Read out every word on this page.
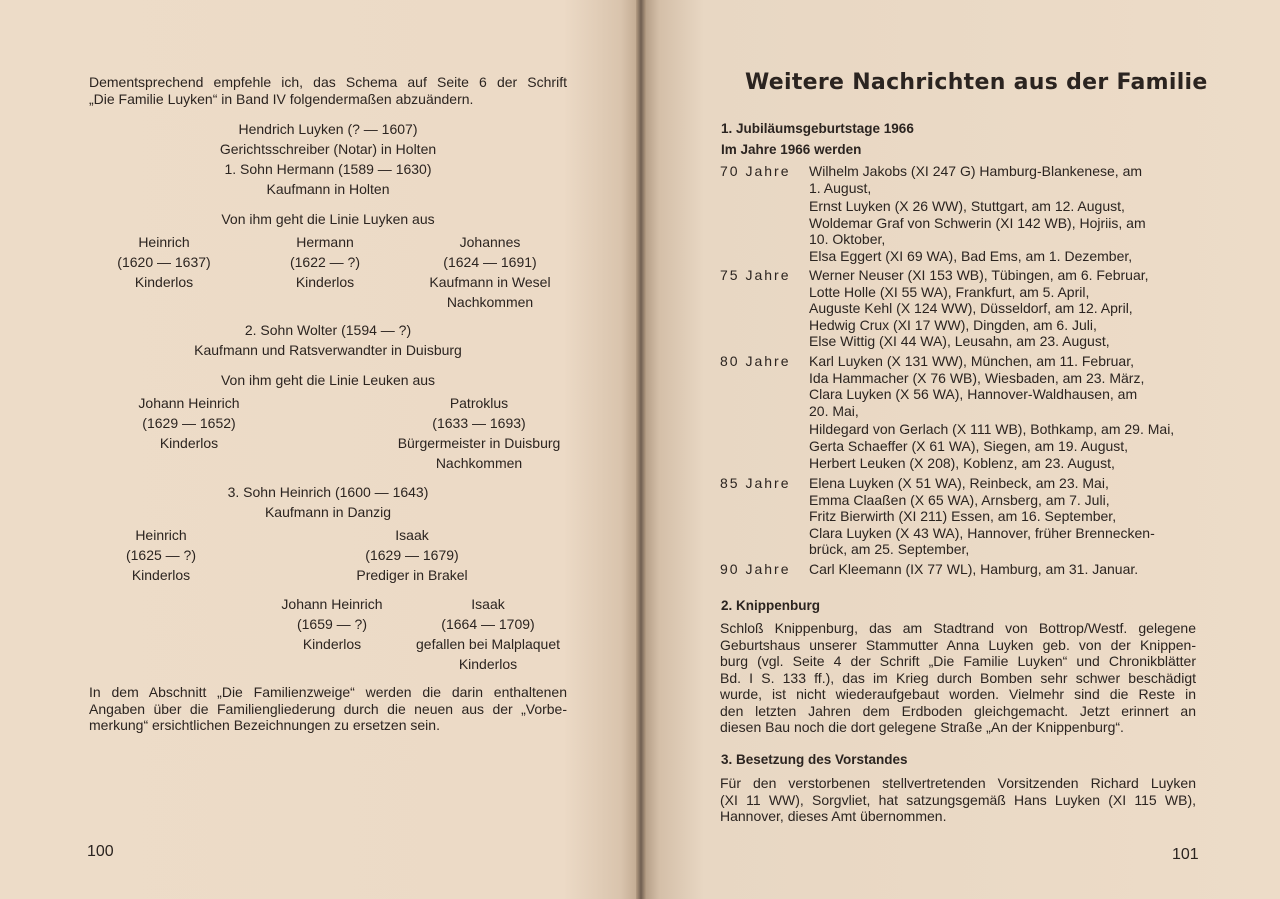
Dementsprechend empfehle ich, das Schema auf Seite 6 der Schrift
„Die Familie Luyken“ in Band IV folgendermaßen abzuändern.
Hendrich Luyken (? — 1607)
Gerichtsschreiber (Notar) in Holten
1. Sohn Hermann (1589 — 1630)
Kaufmann in Holten
Von ihm geht die Linie Luyken aus
Heinrich
(1620 — 1637)
Kinderlos
Hermann
(1622 — ?)
Kinderlos
Johannes
(1624 — 1691)
Kaufmann in Wesel
Nachkommen
2. Sohn Wolter (1594 — ?)
Kaufmann und Ratsverwandter in Duisburg
Von ihm geht die Linie Leuken aus
Johann Heinrich
(1629 — 1652)
Kinderlos
Patroklus
(1633 — 1693)
Bürgermeister in Duisburg
Nachkommen
3. Sohn Heinrich (1600 — 1643)
Kaufmann in Danzig
Heinrich
(1625 — ?)
Kinderlos
Isaak
(1629 — 1679)
Prediger in Brakel
Johann Heinrich
(1659 — ?)
Kinderlos
Isaak
(1664 — 1709)
gefallen bei Malplaquet
Kinderlos
In dem Abschnitt „Die Familienzweige“ werden die darin enthaltenen
Angaben über die Familiengliederung durch die neuen aus der „Vorbe-
merkung“ ersichtlichen Bezeichnungen zu ersetzen sein.
100
Weitere Nachrichten aus der Familie
1. Jubiläumsgeburtstage 1966
Im Jahre 1966 werden
70 Jahre Wilhelm Jakobs (XI 247 G) Hamburg-Blankenese, am
1. August,
Ernst Luyken (X 26 WW), Stuttgart, am 12. August,
Woldemar Graf von Schwerin (XI 142 WB), Hojriis, am
10. Oktober,
Elsa Eggert (XI 69 WA), Bad Ems, am 1. Dezember,
75 Jahre Werner Neuser (XI 153 WB), Tübingen, am 6. Februar,
Lotte Holle (XI 55 WA), Frankfurt, am 5. April,
Auguste Kehl (X 124 WW), Düsseldorf, am 12. April,
Hedwig Crux (XI 17 WW), Dingden, am 6. Juli,
Else Wittig (XI 44 WA), Leusahn, am 23. August,
80 Jahre Karl Luyken (X 131 WW), München, am 11. Februar,
Ida Hammacher (X 76 WB), Wiesbaden, am 23. März,
Clara Luyken (X 56 WA), Hannover-Waldhausen, am
20. Mai,
Hildegard von Gerlach (X 111 WB), Bothkamp, am 29. Mai,
Gerta Schaeffer (X 61 WA), Siegen, am 19. August,
Herbert Leuken (X 208), Koblenz, am 23. August,
85 Jahre Elena Luyken (X 51 WA), Reinbeck, am 23. Mai,
Emma Claaßen (X 65 WA), Arnsberg, am 7. Juli,
Fritz Bierwirth (XI 211) Essen, am 16. September,
Clara Luyken (X 43 WA), Hannover, früher Brennecken-
brück, am 25. September,
90 Jahre Carl Kleemann (IX 77 WL), Hamburg, am 31. Januar.
2. Knippenburg
Schloß Knippenburg, das am Stadtrand von Bottrop/Westf. gelegene
Geburtshaus unserer Stammutter Anna Luyken geb. von der Knippen-
burg (vgl. Seite 4 der Schrift „Die Familie Luyken“ und Chronikblätter
Bd. I S. 133 ff.), das im Krieg durch Bomben sehr schwer beschädigt
wurde, ist nicht wiederaufgebaut worden. Vielmehr sind die Reste in
den letzten Jahren dem Erdboden gleichgemacht. Jetzt erinnert an
diesen Bau noch die dort gelegene Straße „An der Knippenburg“.
3. Besetzung des Vorstandes
Für den verstorbenen stellvertretenden Vorsitzenden Richard Luyken
(XI 11 WW), Sorgvliet, hat satzungsgemäß Hans Luyken (XI 115 WB),
Hannover, dieses Amt übernommen.
101
